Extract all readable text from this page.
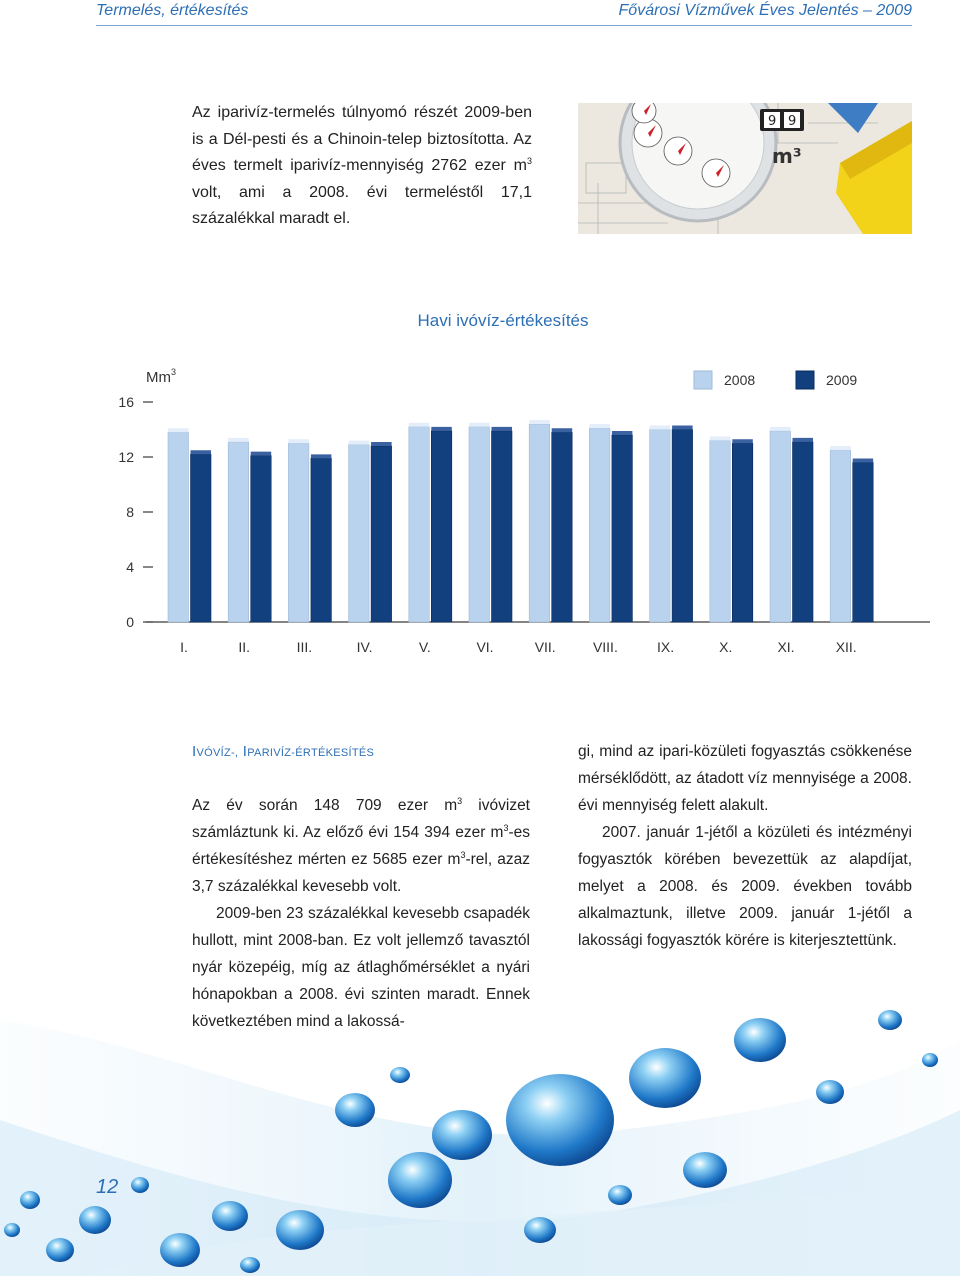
Termelés, értékesítés	Fővárosi Vízművek Éves Jelentés – 2009
Az iparivíz-termelés túlnyomó részét 2009-ben is a Dél-pesti és a Chinoin-telep biztosította. Az éves termelt iparivíz-mennyiség 2762 ezer $m^3$ volt, ami a 2008. évi termeléstől 17,1 százalékkal maradt el.
9 9
m³
Havi ivóvíz-értékesítés
0
4
8
12
16
Mm$^3$
I.	II.	III.	IV.	V.	VI.	VII.	VIII.	IX.	X.	XI.	XII.
2008	2009
IVÓVÍZ-, IPARIVÍZ-ÉRTÉKESÍTÉS

Az év során 148 709 ezer $m^3$ ivóvizet számláztunk ki. Az előző évi 154 394 ezer $m^3-es$ értékesítéshez mérten ez 5685 ezer $m^3$-rel, azaz 3,7 százalékkal kevesebb volt.

2009-ben 23 százalékkal kevesebb csapadék hullott, mint 2008-ban. Ez volt jellemző tavasztól nyár közepéig, míg az átlaghőmérséklet a nyári hónapokban a 2008. évi szinten maradt. Ennek következtében mind a lakossá-

gi, mind az ipari-közületi fogyasztás csökkenése mérséklődött, az átadott víz mennyisége a 2008. évi mennyiség felett alakult.

2007. január 1-jétől a közületi és intézményi fogyasztók körében bevezettük az alapdíjat, melyet a 2008. és 2009. években tovább alkalmaztunk, illetve 2009. január 1-jétől a lakossági fogyasztók körére is kiterjesztettünk.

12
